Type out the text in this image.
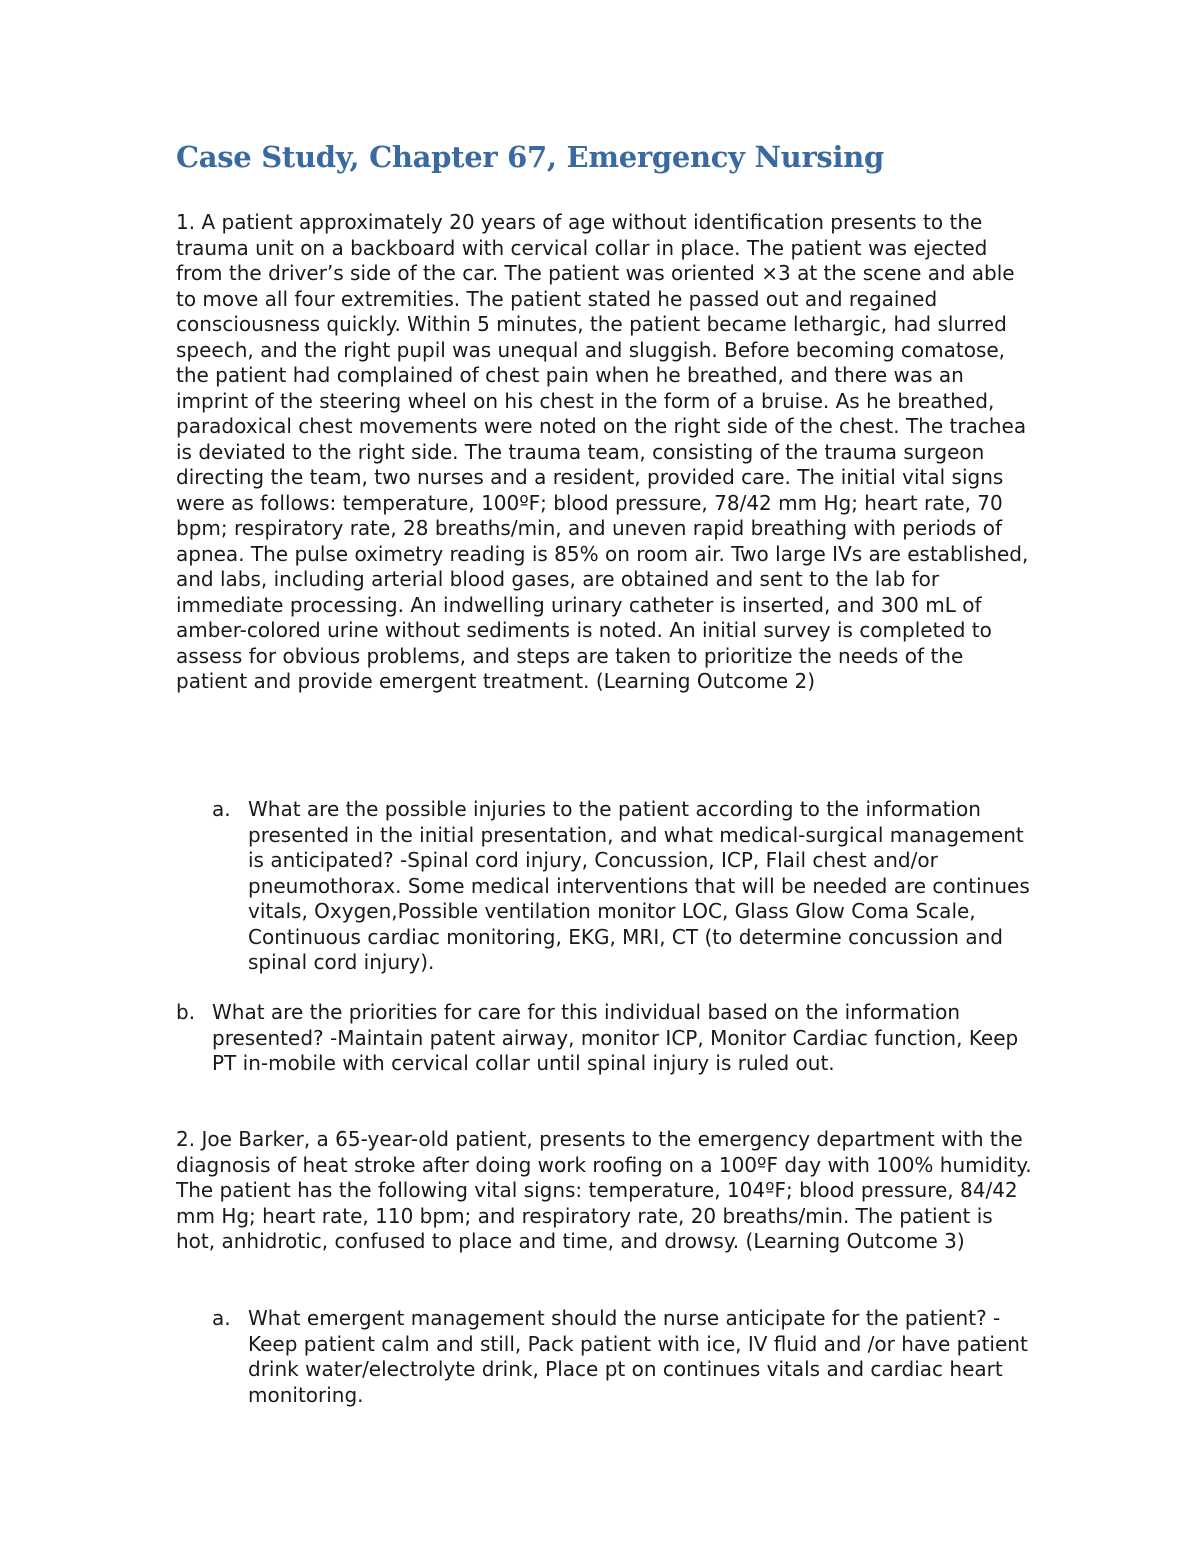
Case Study, Chapter 67, Emergency Nursing

1. A patient approximately 20 years of age without identification presents to the trauma unit on a backboard with cervical collar in place. The patient was ejected from the driver’s side of the car. The patient was oriented ×3 at the scene and able to move all four extremities. The patient stated he passed out and regained consciousness quickly. Within 5 minutes, the patient became lethargic, had slurred speech, and the right pupil was unequal and sluggish. Before becoming comatose, the patient had complained of chest pain when he breathed, and there was an imprint of the steering wheel on his chest in the form of a bruise. As he breathed, paradoxical chest movements were noted on the right side of the chest. The trachea is deviated to the right side. The trauma team, consisting of the trauma surgeon directing the team, two nurses and a resident, provided care. The initial vital signs were as follows: temperature, 100ºF; blood pressure, 78/42 mm Hg; heart rate, 70 bpm; respiratory rate, 28 breaths/min, and uneven rapid breathing with periods of apnea. The pulse oximetry reading is 85% on room air. Two large IVs are established, and labs, including arterial blood gases, are obtained and sent to the lab for immediate processing. An indwelling urinary catheter is inserted, and 300 mL of amber-colored urine without sediments is noted. An initial survey is completed to assess for obvious problems, and steps are taken to prioritize the needs of the patient and provide emergent treatment. (Learning Outcome 2)

a. What are the possible injuries to the patient according to the information presented in the initial presentation, and what medical-surgical management is anticipated? -Spinal cord injury, Concussion, ICP, Flail chest and/or pneumothorax. Some medical interventions that will be needed are continues vitals, Oxygen,Possible ventilation monitor LOC, Glass Glow Coma Scale, Continuous cardiac monitoring, EKG, MRI, CT (to determine concussion and spinal cord injury).
b. What are the priorities for care for this individual based on the information presented? -Maintain patent airway, monitor ICP, Monitor Cardiac function, Keep PT in-mobile with cervical collar until spinal injury is ruled out.

2. Joe Barker, a 65-year-old patient, presents to the emergency department with the diagnosis of heat stroke after doing work roofing on a 100ºF day with 100% humidity. The patient has the following vital signs: temperature, 104ºF; blood pressure, 84/42 mm Hg; heart rate, 110 bpm; and respiratory rate, 20 breaths/min. The patient is hot, anhidrotic, confused to place and time, and drowsy. (Learning Outcome 3)

a. What emergent management should the nurse anticipate for the patient? - Keep patient calm and still, Pack patient with ice, IV fluid and /or have patient drink water/electrolyte drink, Place pt on continues vitals and cardiac heart monitoring.
